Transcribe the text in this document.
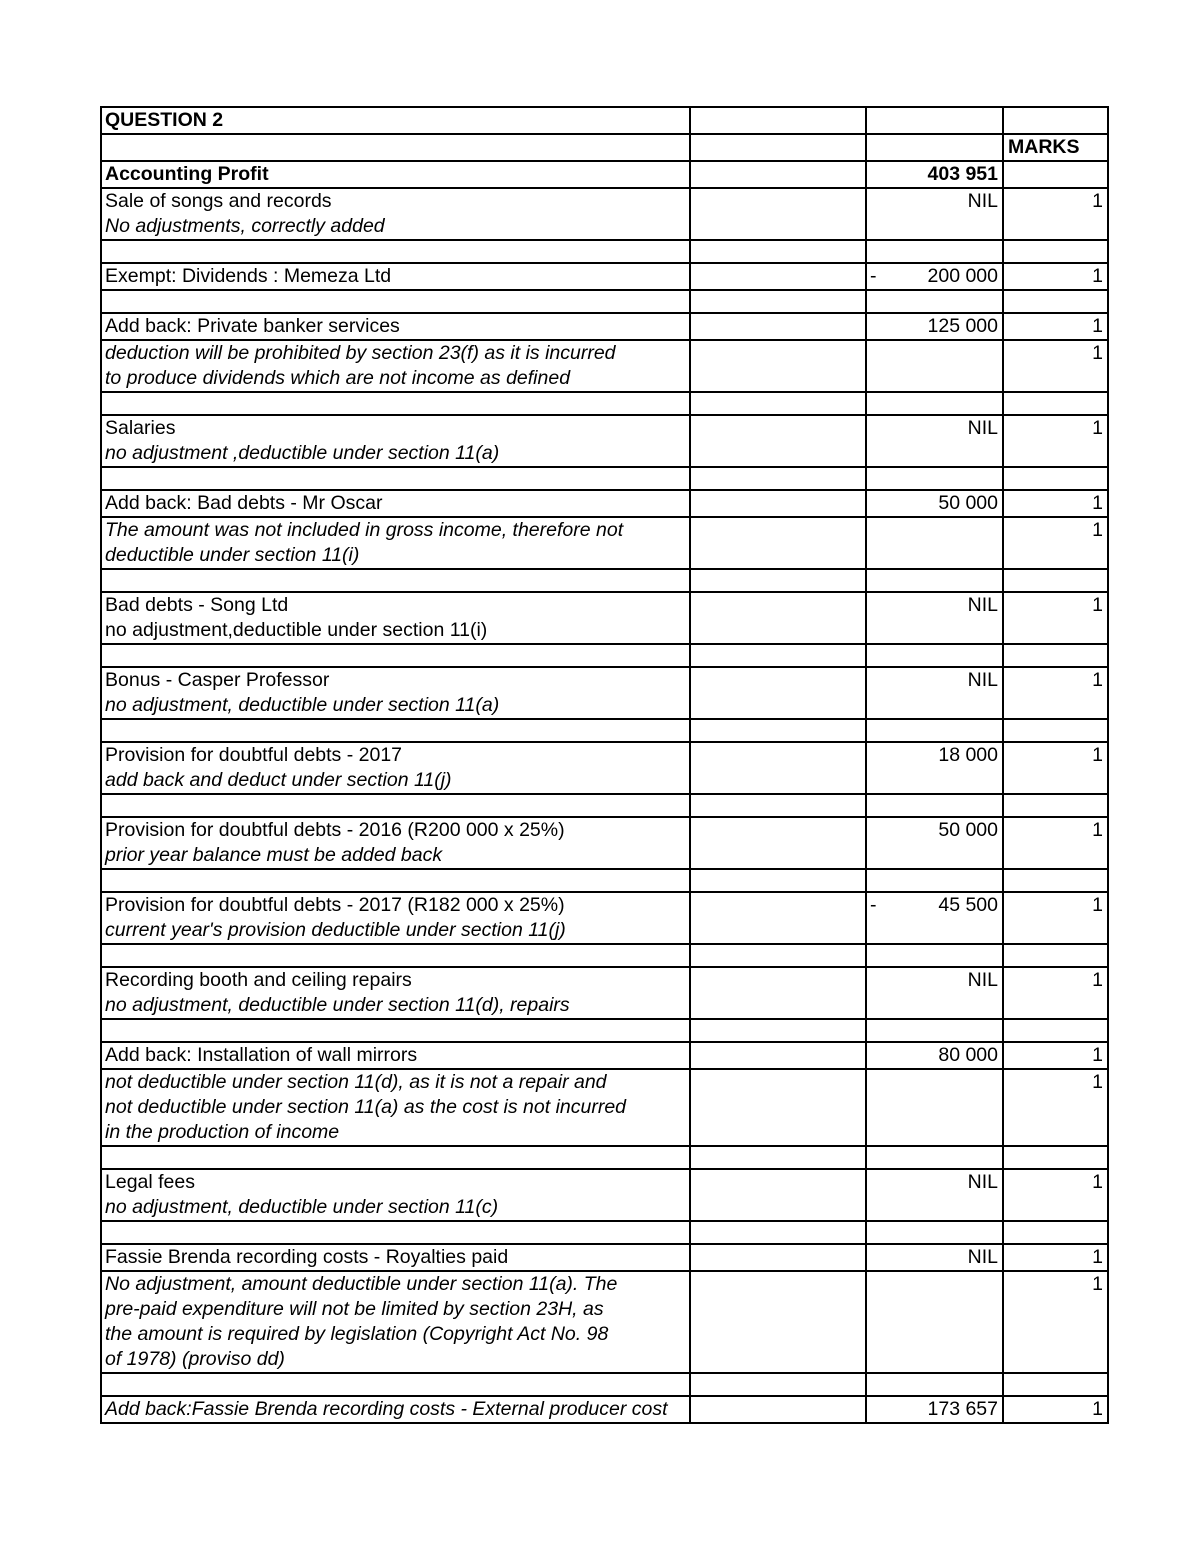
QUESTION 2			
			MARKS
Accounting Profit		403 951	

Sale of songs and records
No adjustments, correctly added		NIL	1

Exempt: Dividends : Memeza Ltd		- 200 000	1

Add back: Private banker services		125 000	1

deduction will be prohibited by section 23(f) as it is incurred
to produce dividends which are not income as defined			1

Salaries
no adjustment ,deductible under section 11(a)		NIL	1

Add back: Bad debts - Mr Oscar		50 000	1

The amount was not included in gross income, therefore not
deductible under section 11(i)			1

Bad debts - Song Ltd
no adjustment,deductible under section 11(i)		NIL	1

Bonus - Casper Professor
no adjustment, deductible under section 11(a)		NIL	1

Provision for doubtful debts - 2017
add back and deduct under section 11(j)		18 000	1

Provision for doubtful debts - 2016 (R200 000 x 25%)
prior year balance must be added back		50 000	1

Provision for doubtful debts - 2017 (R182 000 x 25%)
current year's provision deductible under section 11(j)		- 45 500	1

Recording booth and ceiling repairs
no adjustment, deductible under section 11(d), repairs		NIL	1

Add back: Installation of wall mirrors		80 000	1

not deductible under section 11(d), as it is not a repair and
not deductible under section 11(a) as the cost is not incurred
in the production of income			1

Legal fees
no adjustment, deductible under section 11(c)		NIL	1

Fassie Brenda recording costs - Royalties paid		NIL	1

No adjustment, amount deductible under section 11(a). The
pre-paid expenditure will not be limited by section 23H, as
the amount is required by legislation (Copyright Act No. 98
of 1978) (proviso dd)			1

Add back:Fassie Brenda recording costs - External producer cost		173 657	1
